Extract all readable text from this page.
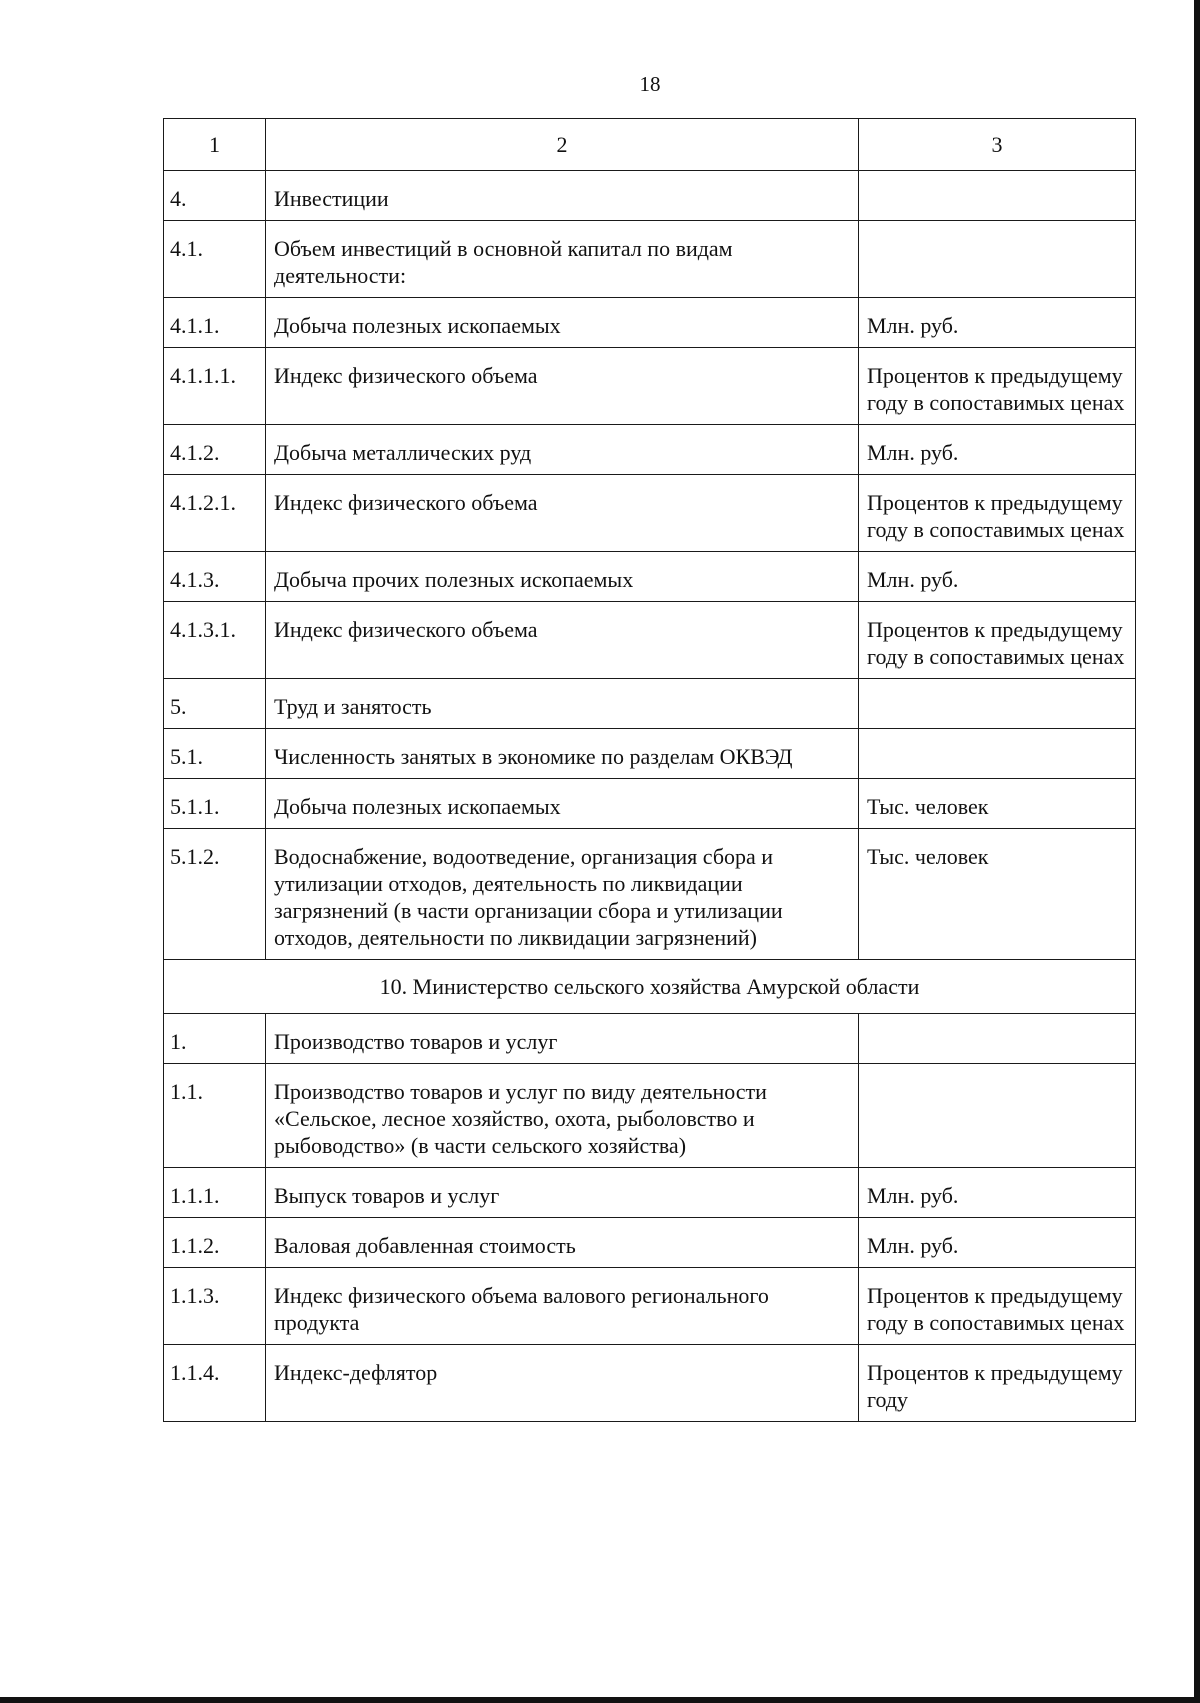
18
1	2	3
4.	Инвестиции	
4.1.	Объем инвестиций в основной капитал по видам деятельности:	
4.1.1.	Добыча полезных ископаемых	Млн. руб.
4.1.1.1.	Индекс физического объема	Процентов к предыдущему году в сопоставимых ценах
4.1.2.	Добыча металлических руд	Млн. руб.
4.1.2.1.	Индекс физического объема	Процентов к предыдущему году в сопоставимых ценах
4.1.3.	Добыча прочих полезных ископаемых	Млн. руб.
4.1.3.1.	Индекс физического объема	Процентов к предыдущему году в сопоставимых ценах
5.	Труд и занятость	
5.1.	Численность занятых в экономике по разделам ОКВЭД	
5.1.1.	Добыча полезных ископаемых	Тыс. человек
5.1.2.	Водоснабжение, водоотведение, организация сбора и утилизации отходов, деятельность по ликвидации загрязнений (в части организации сбора и утилизации отходов, деятельности по ликвидации загрязнений)	Тыс. человек
10. Министерство сельского хозяйства Амурской области		
1.	Производство товаров и услуг	
1.1.	Производство товаров и услуг по виду деятельности «Сельское, лесное хозяйство, охота, рыболовство и рыбоводство» (в части сельского хозяйства)	
1.1.1.	Выпуск товаров и услуг	Млн. руб.
1.1.2.	Валовая добавленная стоимость	Млн. руб.
1.1.3.	Индекс физического объема валового регионального продукта	Процентов к предыдущему году в сопоставимых ценах
1.1.4.	Индекс-дефлятор	Процентов к предыдущему году
